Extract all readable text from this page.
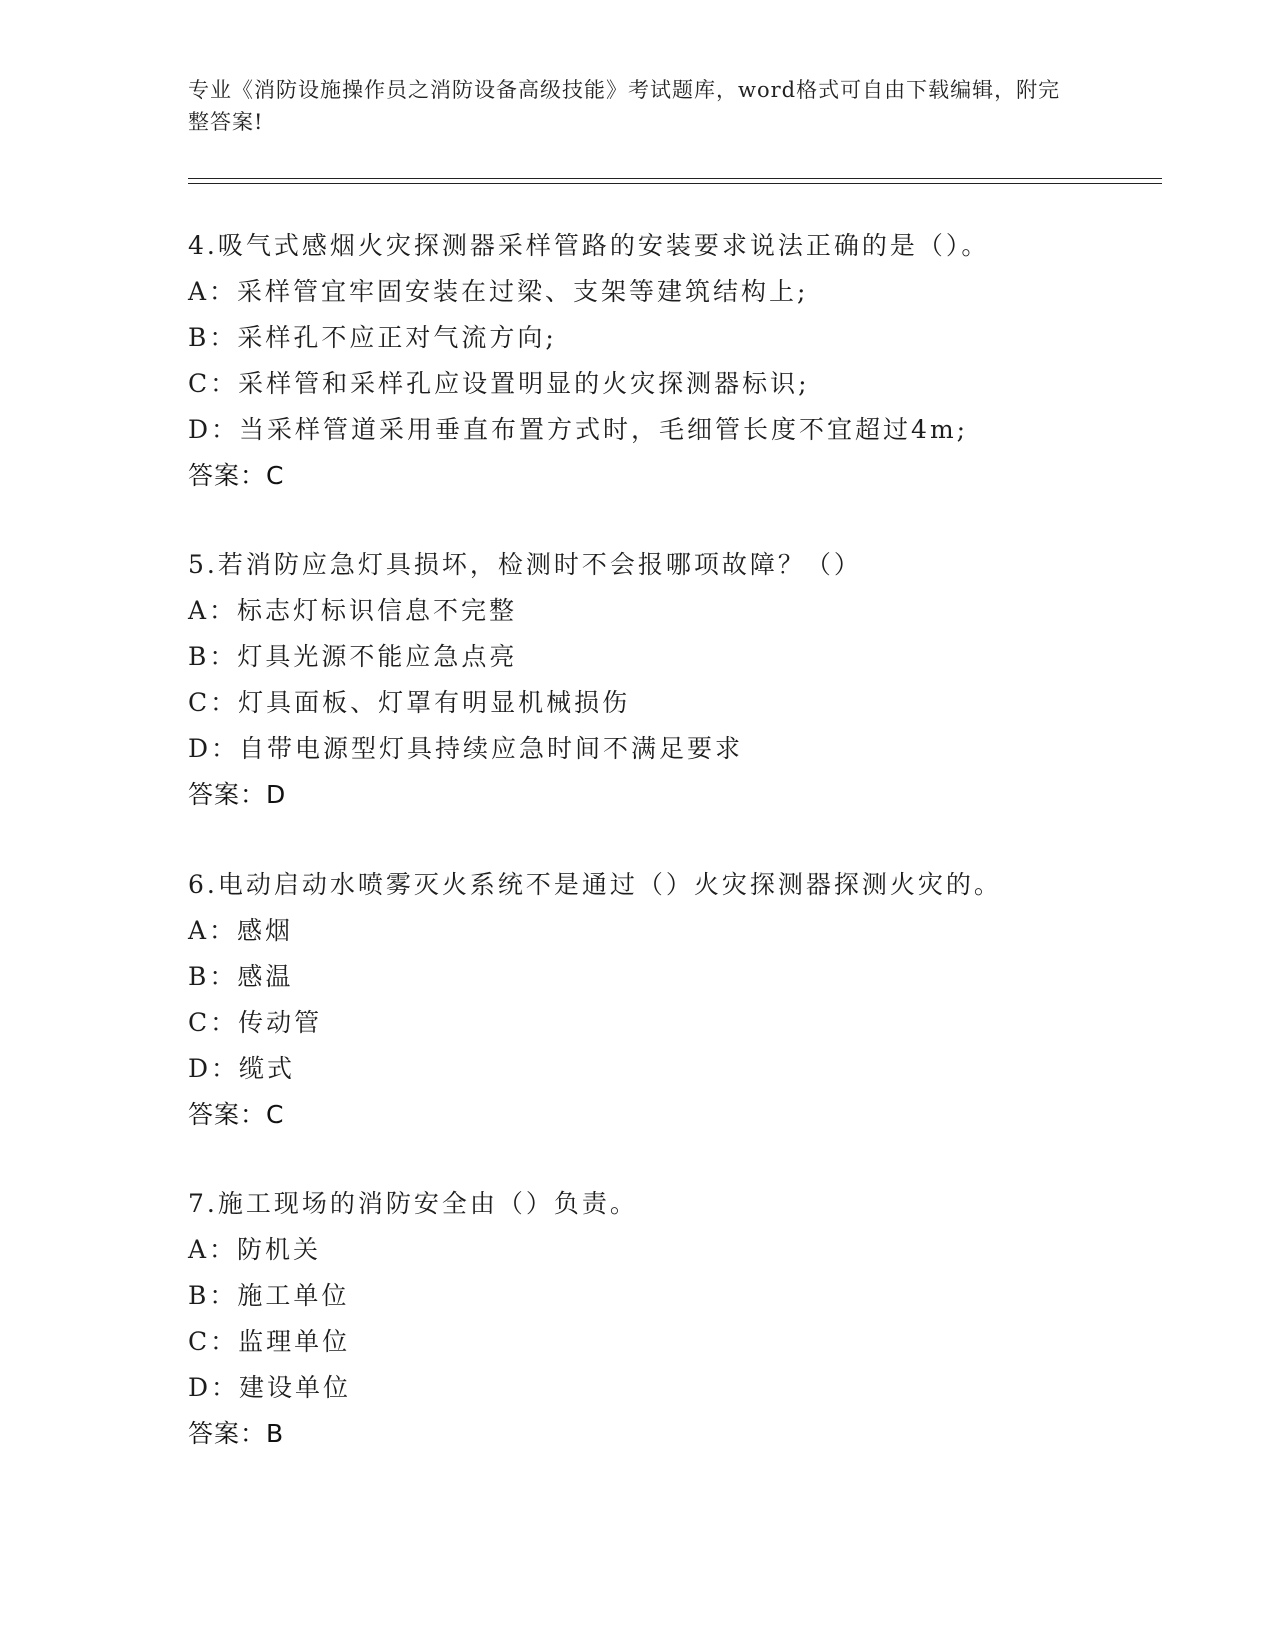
专业《消防设施操作员之消防设备高级技能》考试题库，word格式可自由下载编辑，附完整答案!
4.吸气式感烟火灾探测器采样管路的安装要求说法正确的是（）。
A：采样管宜牢固安装在过梁、支架等建筑结构上;
B：采样孔不应正对气流方向;
C：采样管和采样孔应设置明显的火灾探测器标识;
D：当采样管道采用垂直布置方式时，毛细管长度不宜超过4m;
答案：C
5.若消防应急灯具损坏，检测时不会报哪项故障？（）
A：标志灯标识信息不完整
B：灯具光源不能应急点亮
C：灯具面板、灯罩有明显机械损伤
D：自带电源型灯具持续应急时间不满足要求
答案：D
6.电动启动水喷雾灭火系统不是通过（）火灾探测器探测火灾的。
A：感烟
B：感温
C：传动管
D：缆式
答案：C
7.施工现场的消防安全由（）负责。
A：防机关
B：施工单位
C：监理单位
D：建设单位
答案：B
